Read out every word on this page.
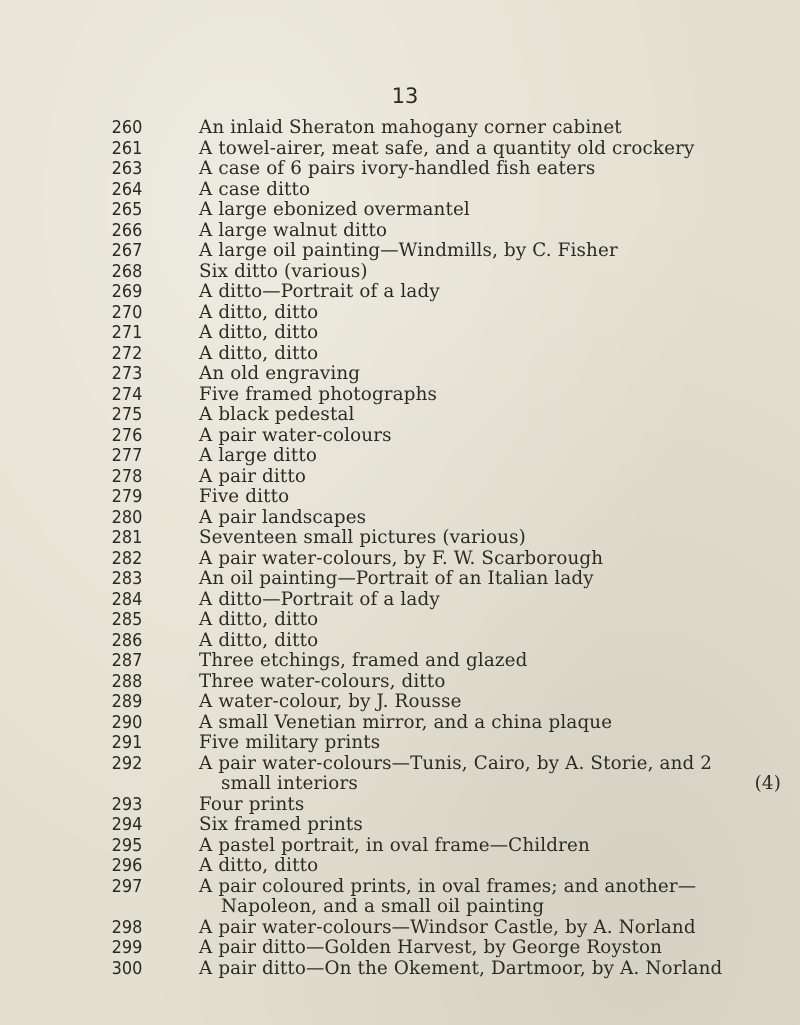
13
260	An inlaid Sheraton mahogany corner cabinet
261	A towel-airer, meat safe, and a quantity old crockery
263	A case of 6 pairs ivory-handled fish eaters
264	A case ditto
265	A large ebonized overmantel
266	A large walnut ditto
267	A large oil painting—Windmills, by C. Fisher
268	Six ditto (various)
269	A ditto—Portrait of a lady
270	A ditto, ditto
271	A ditto, ditto
272	A ditto, ditto
273	An old engraving
274	Five framed photographs
275	A black pedestal
276	A pair water-colours
277	A large ditto
278	A pair ditto
279	Five ditto
280	A pair landscapes
281	Seventeen small pictures (various)
282	A pair water-colours, by F. W. Scarborough
283	An oil painting—Portrait of an Italian lady
284	A ditto—Portrait of a lady
285	A ditto, ditto
286	A ditto, ditto
287	Three etchings, framed and glazed
288	Three water-colours, ditto
289	A water-colour, by J. Rousse
290	A small Venetian mirror, and a china plaque
291	Five military prints
292	A pair water-colours—Tunis, Cairo, by A. Storie, and 2
small interiors	(4)
293	Four prints
294	Six framed prints
295	A pastel portrait, in oval frame—Children
296	A ditto, ditto
297	A pair coloured prints, in oval frames; and another—
Napoleon, and a small oil painting
298	A pair water-colours—Windsor Castle, by A. Norland
299	A pair ditto—Golden Harvest, by George Royston
300	A pair ditto—On the Okement, Dartmoor, by A. Norland
